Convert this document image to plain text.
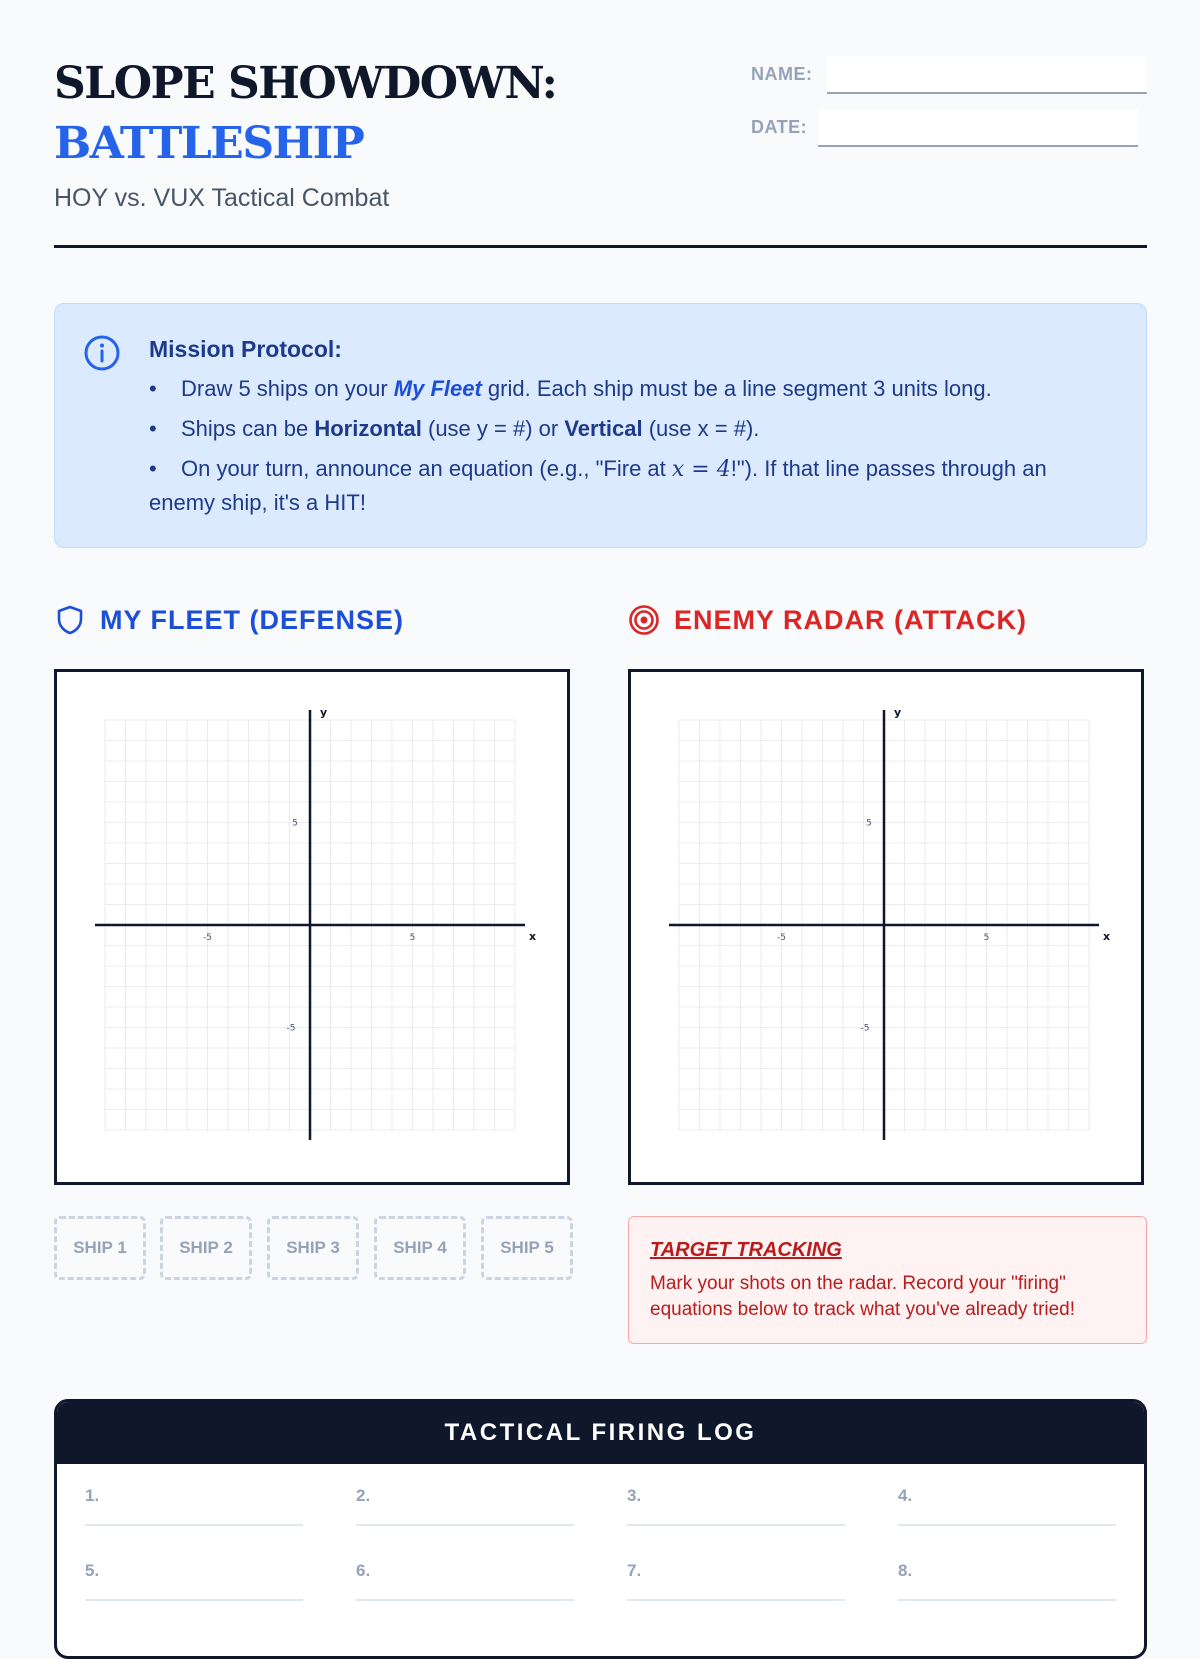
SLOPE SHOWDOWN:
BATTLESHIP
HOY vs. VUX Tactical Combat
NAME:
DATE:
Mission Protocol:
• Draw 5 ships on your My Fleet grid. Each ship must be a line segment 3 units long.
• Ships can be Horizontal (use y = #) or Vertical (use x = #).
• On your turn, announce an equation (e.g., "Fire at x = 4!"). If that line passes through an enemy ship, it's a HIT!
MY FLEET (DEFENSE)	ENEMY RADAR (ATTACK)
-5	5
5
-5
x
y
-5	5
5
-5
x
y
SHIP 1	SHIP 2	SHIP 3	SHIP 4	SHIP 5	TARGET TRACKING
Mark your shots on the radar. Record your "firing" equations below to track what you've already tried!
TACTICAL FIRING LOG
1.	2.	3.	4.
5.	6.	7.	8.
